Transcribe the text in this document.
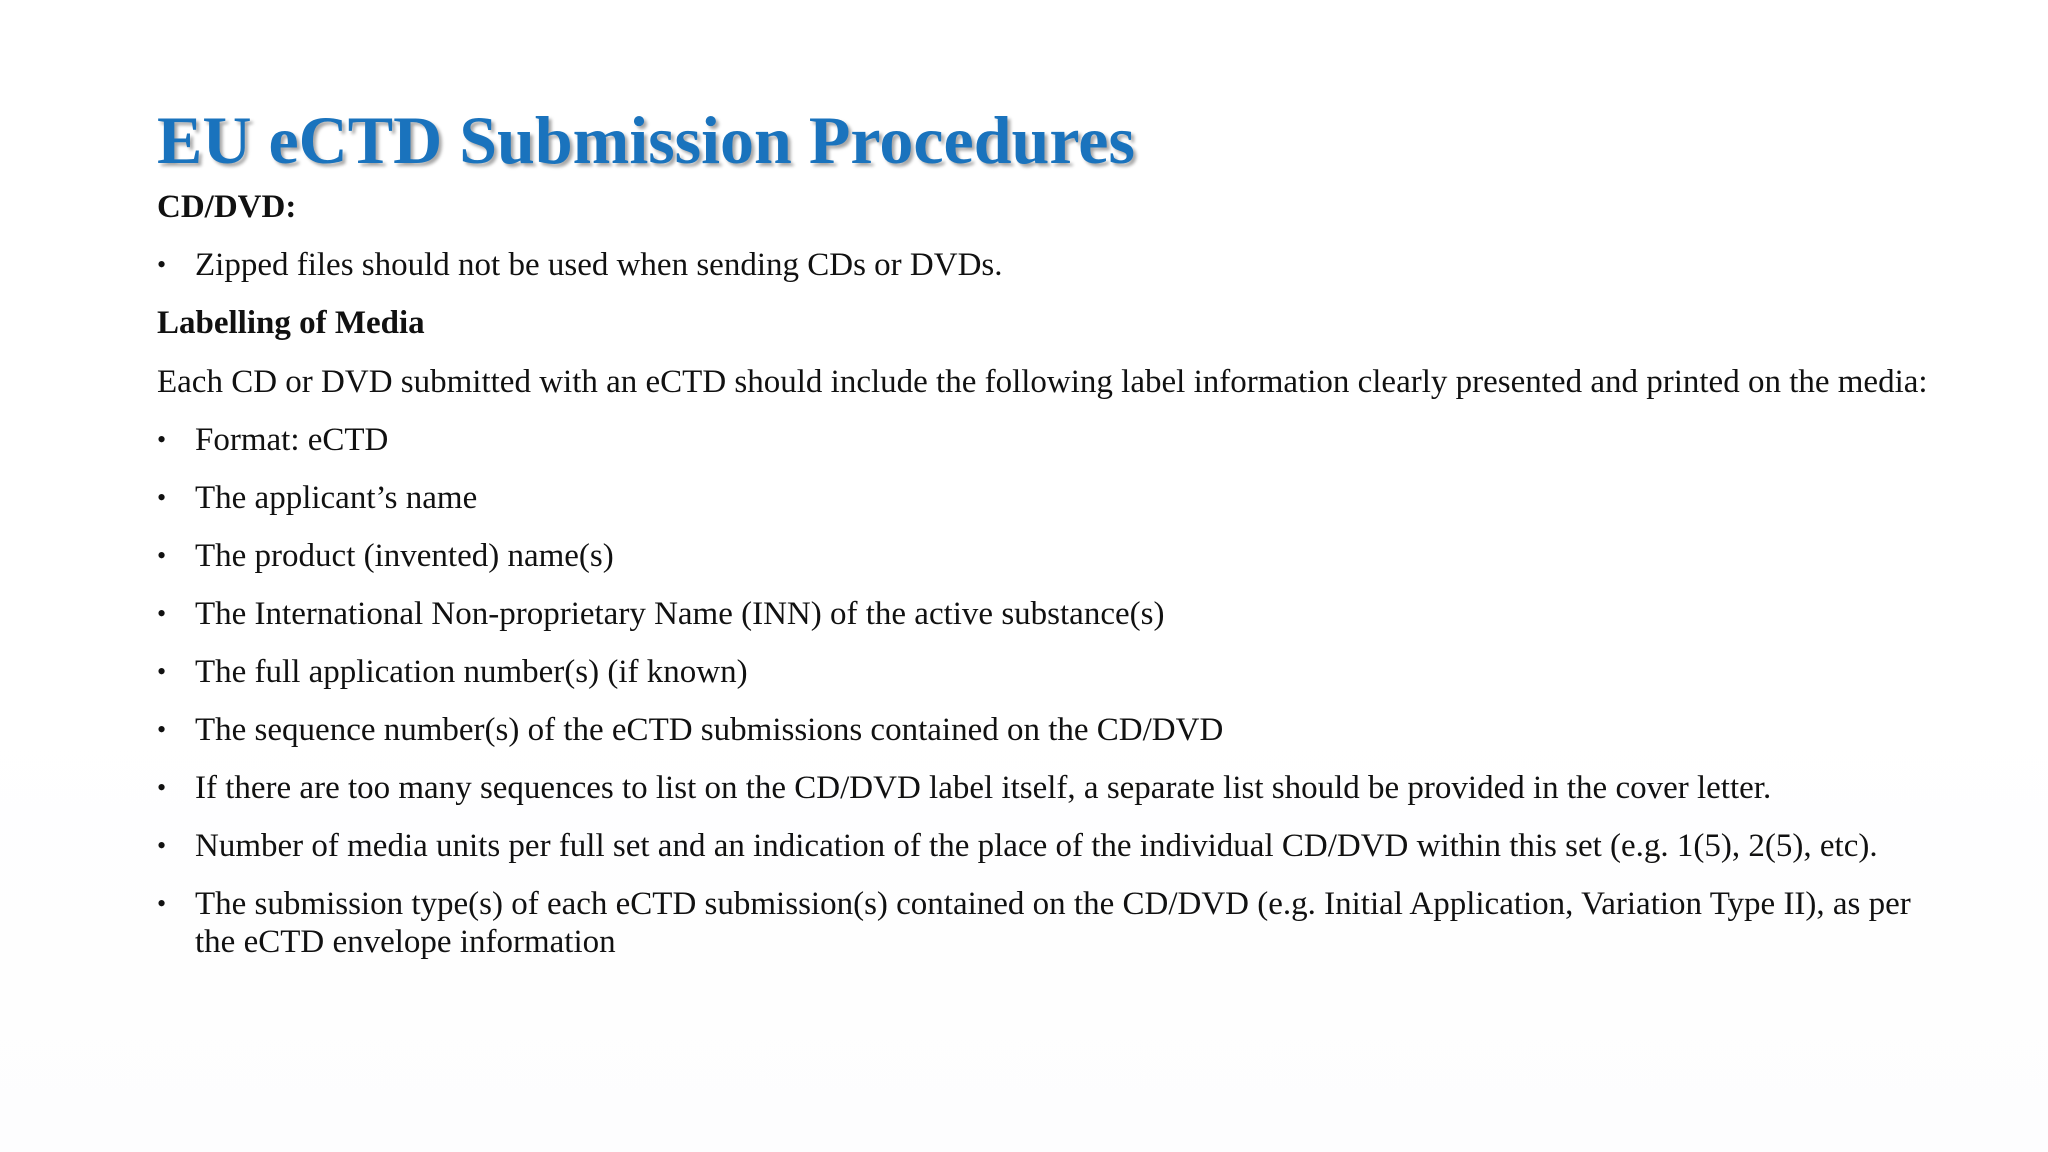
EU eCTD Submission Procedures

CD/DVD:

• Zipped files should not be used when sending CDs or DVDs.

Labelling of Media

Each CD or DVD submitted with an eCTD should include the following label information clearly presented and printed on the media:

• Format: eCTD
• The applicant’s name
• The product (invented) name(s)
• The International Non-proprietary Name (INN) of the active substance(s)
• The full application number(s) (if known)
• The sequence number(s) of the eCTD submissions contained on the CD/DVD
• If there are too many sequences to list on the CD/DVD label itself, a separate list should be provided in the cover letter.
• Number of media units per full set and an indication of the place of the individual CD/DVD within this set (e.g. 1(5), 2(5), etc).
• The submission type(s) of each eCTD submission(s) contained on the CD/DVD (e.g. Initial Application, Variation Type II), as per the eCTD envelope information
